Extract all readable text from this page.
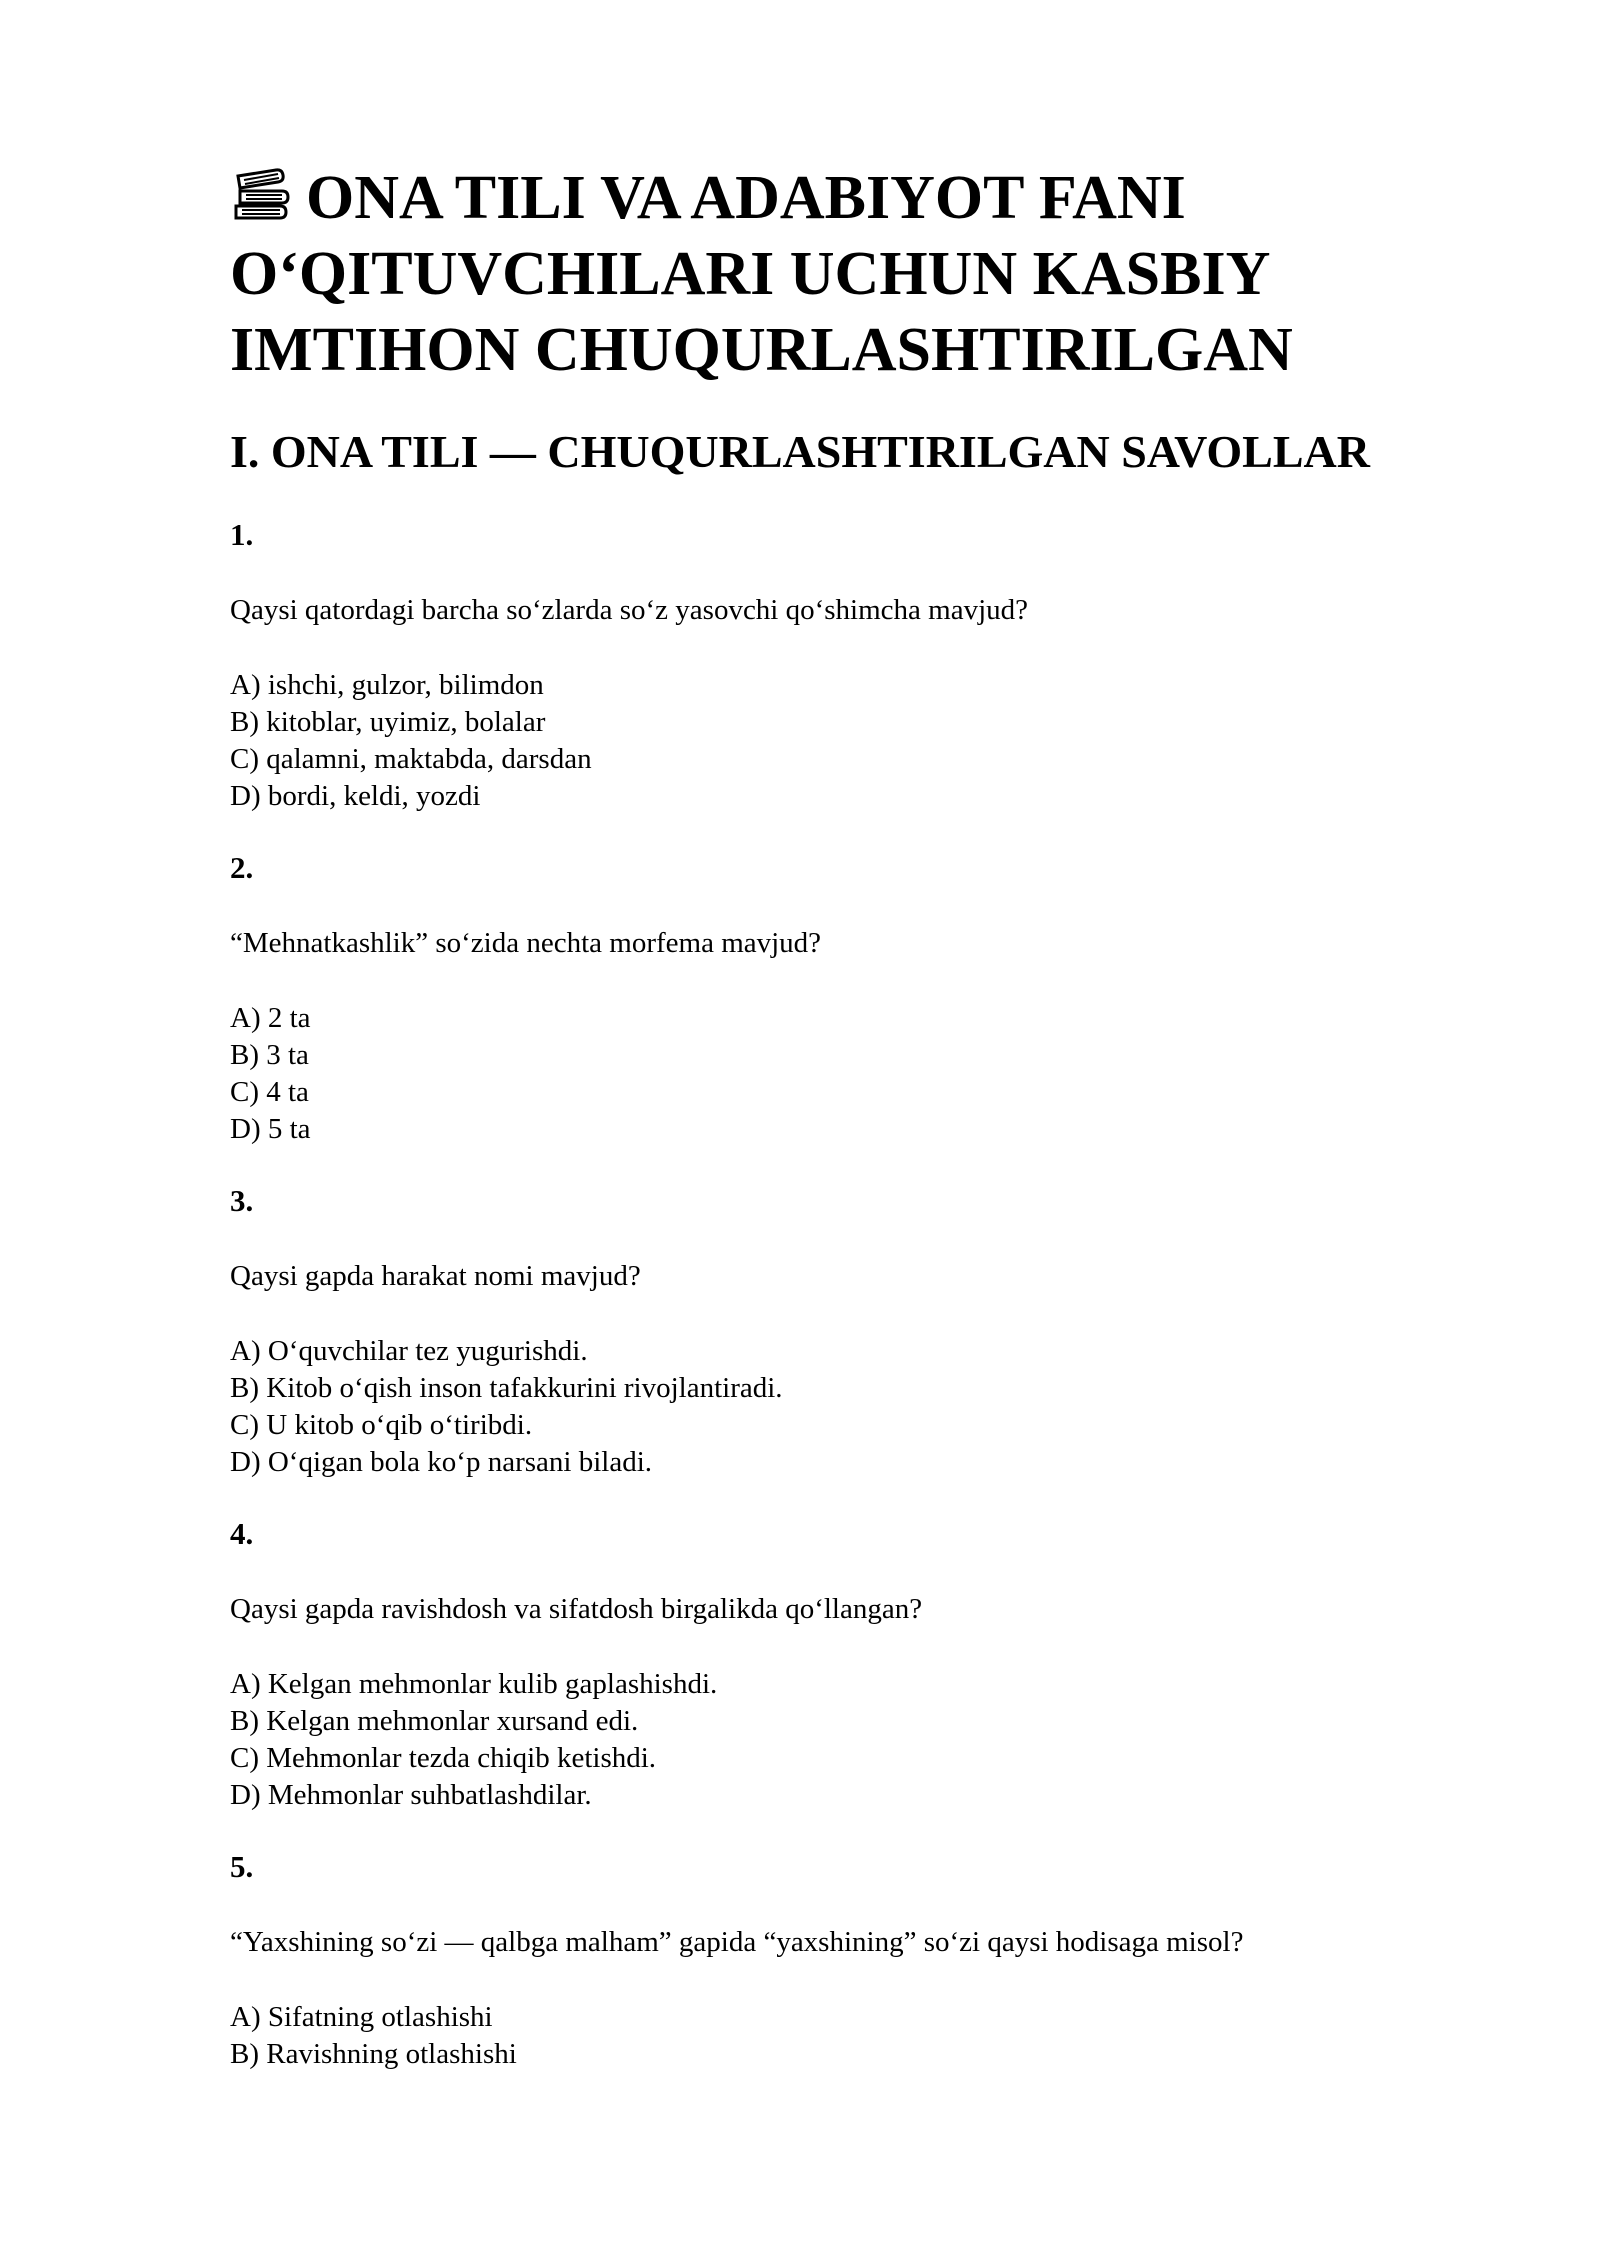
ONA TILI VA ADABIYOT FANI O‘QITUVCHILARI UCHUN KASBIY IMTIHON CHUQURLASHTIRILGAN
I. ONA TILI — CHUQURLASHTIRILGAN SAVOLLAR

1.

Qaysi qatordagi barcha so‘zlarda so‘z yasovchi qo‘shimcha mavjud?

A) ishchi, gulzor, bilimdon
B) kitoblar, uyimiz, bolalar
C) qalamni, maktabda, darsdan
D) bordi, keldi, yozdi

2.

“Mehnatkashlik” so‘zida nechta morfema mavjud?

A) 2 ta
B) 3 ta
C) 4 ta
D) 5 ta

3.

Qaysi gapda harakat nomi mavjud?

A) O‘quvchilar tez yugurishdi.
B) Kitob o‘qish inson tafakkurini rivojlantiradi.
C) U kitob o‘qib o‘tiribdi.
D) O‘qigan bola ko‘p narsani biladi.

4.

Qaysi gapda ravishdosh va sifatdosh birgalikda qo‘llangan?

A) Kelgan mehmonlar kulib gaplashishdi.
B) Kelgan mehmonlar xursand edi.
C) Mehmonlar tezda chiqib ketishdi.
D) Mehmonlar suhbatlashdilar.

5.

“Yaxshining so‘zi — qalbga malham” gapida “yaxshining” so‘zi qaysi hodisaga misol?

A) Sifatning otlashishi
B) Ravishning otlashishi
